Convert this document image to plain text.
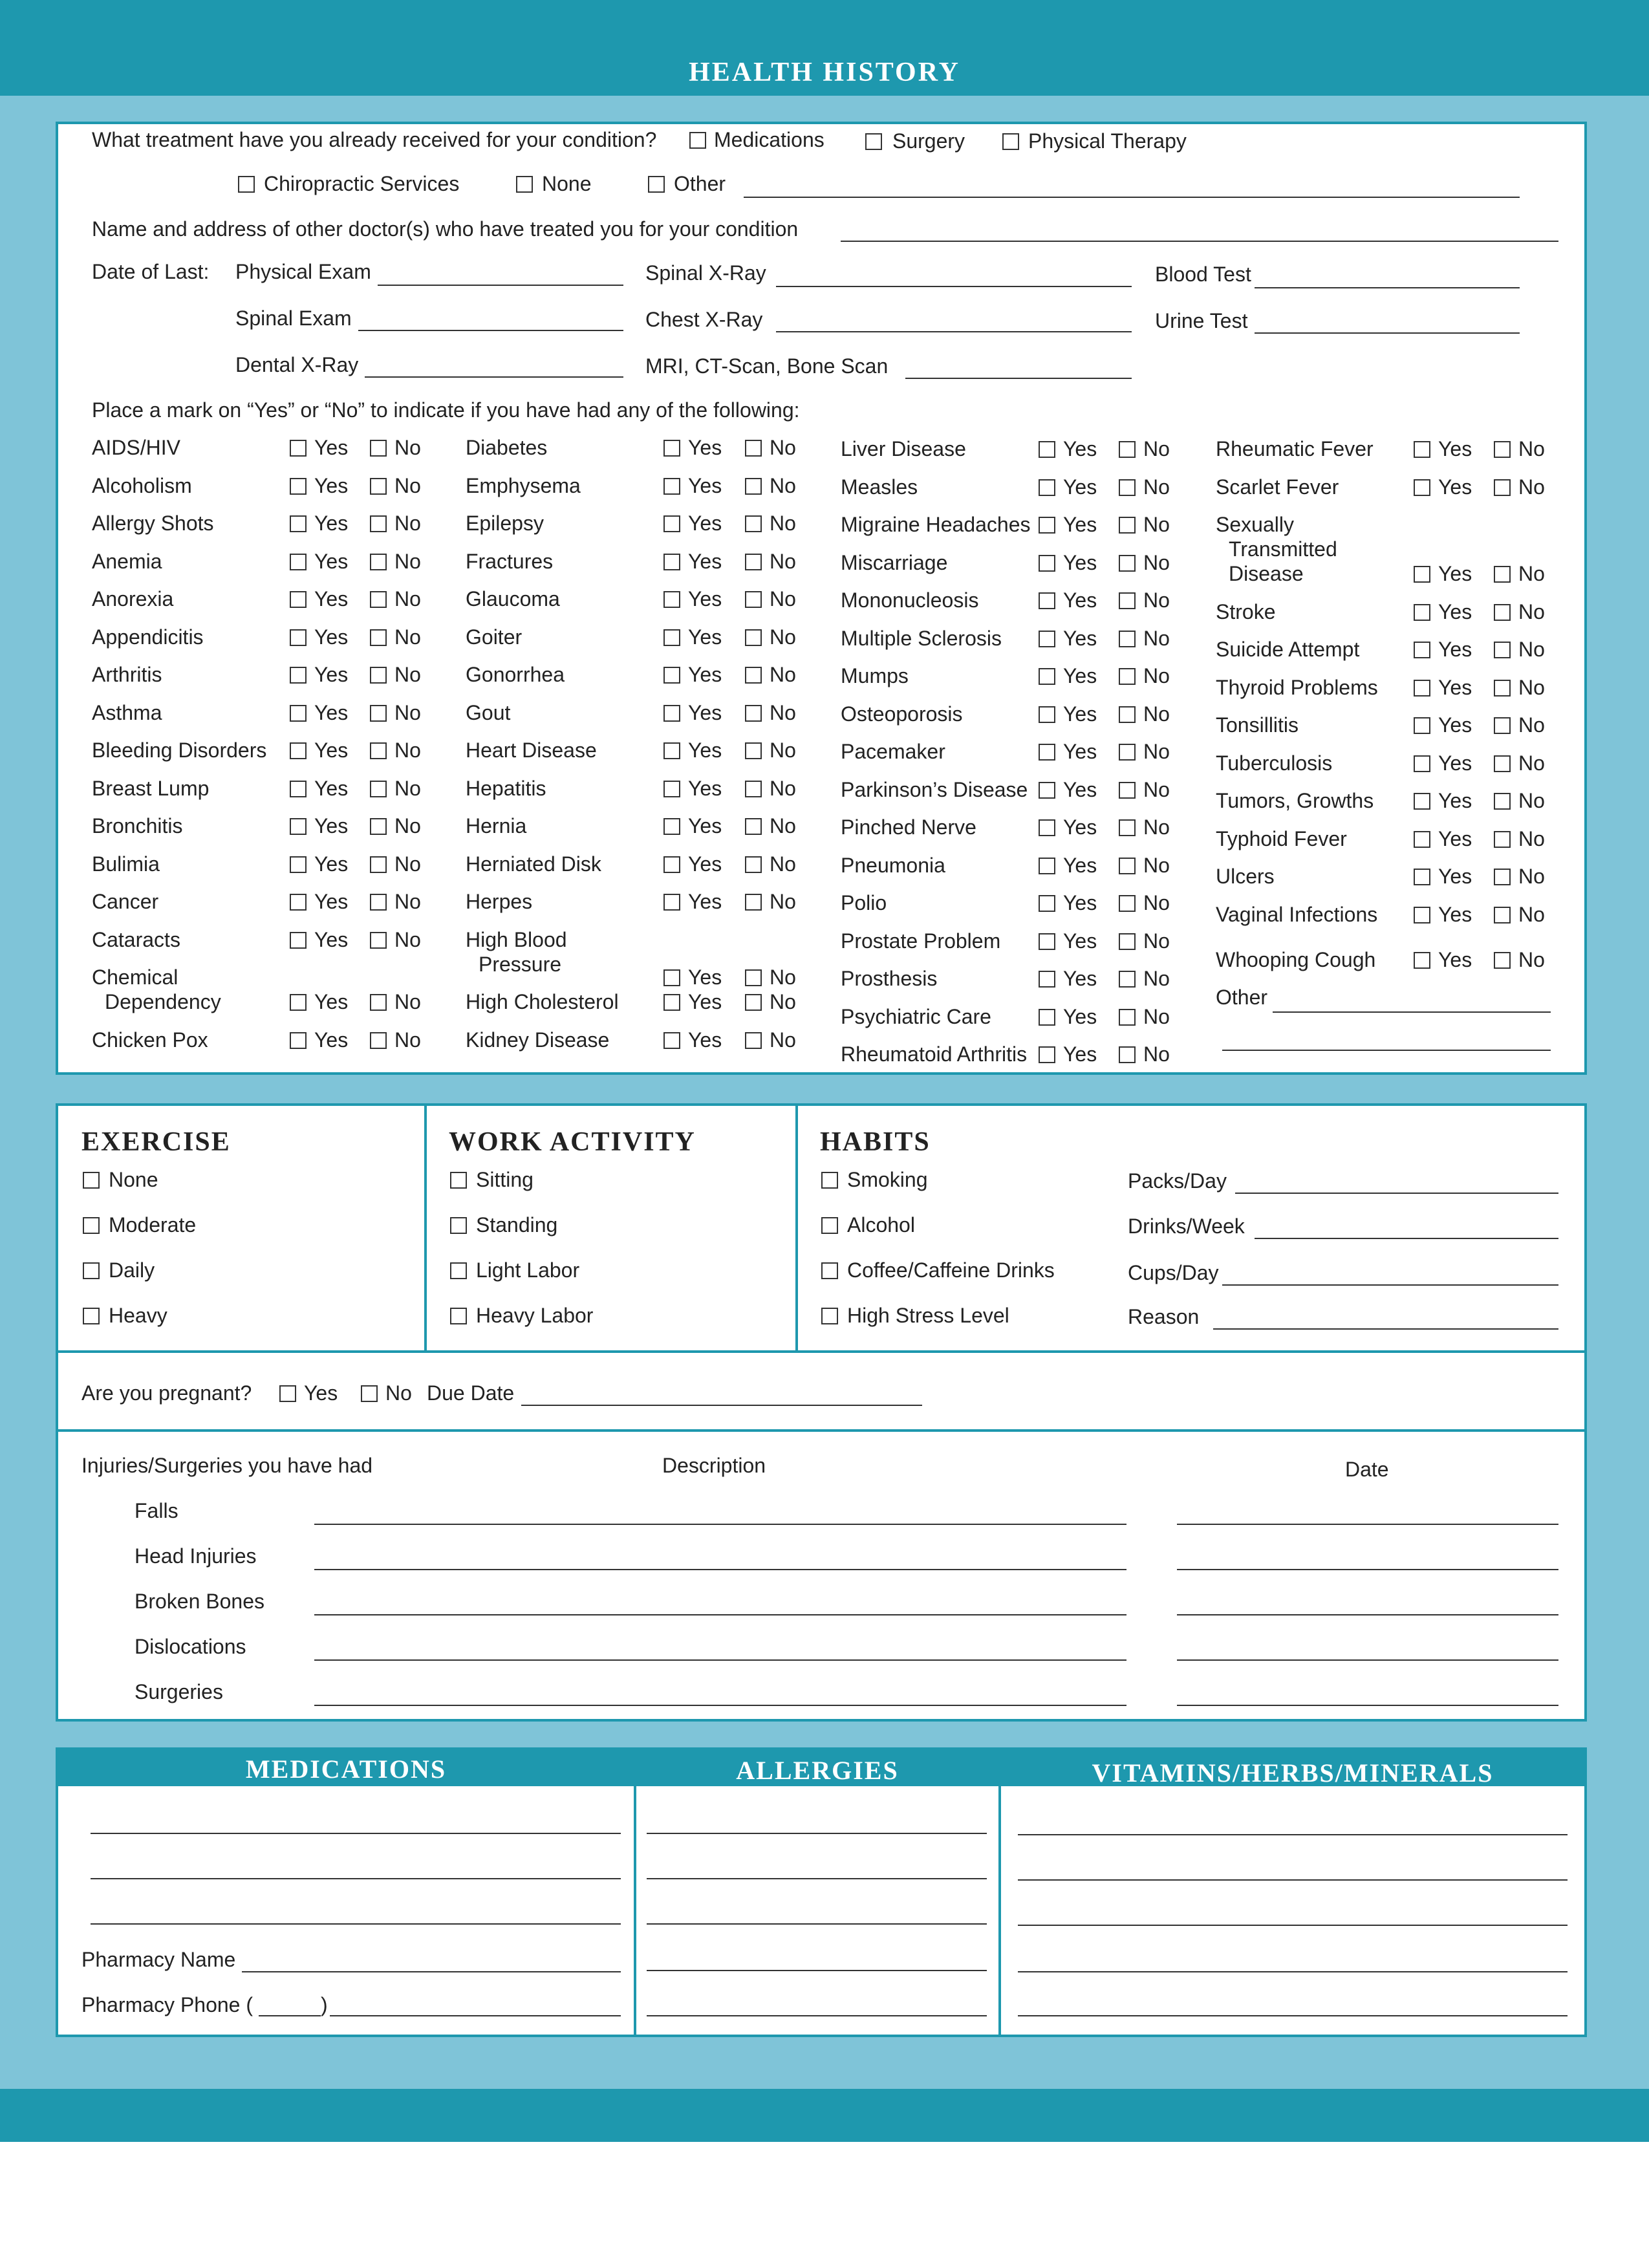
HEALTH HISTORY
What treatment have you already received for your condition?	Medications	Surgery	Physical Therapy
Chiropractic Services	None	Other
Name and address of other doctor(s) who have treated you for your condition
Date of Last: Physical Exam	Spinal X-Ray	Blood Test
Spinal Exam	Chest X-Ray	Urine Test
Dental X-Ray	MRI, CT-Scan, Bone Scan
Place a mark on “Yes” or “No” to indicate if you have had any of the following:
AIDS/HIV	Yes No
Alcoholism	Yes No
Allergy Shots	Yes No
Anemia	Yes No
Anorexia	Yes No
Appendicitis	Yes No
Arthritis	Yes No
Asthma	Yes No
Bleeding Disorders Yes No
Breast Lump	Yes No
Bronchitis	Yes No
Bulimia	Yes No
Cancer	Yes No
Cataracts	Yes No
Chemical
Dependency	Yes No
Chicken Pox	Yes No
Diabetes	Yes No
Emphysema	Yes No
Epilepsy	Yes No
Fractures	Yes No
Glaucoma	Yes No
Goiter	Yes No
Gonorrhea	Yes No
Gout	Yes No
Heart Disease	Yes No
Hepatitis	Yes No
Hernia	Yes No
Herniated Disk	Yes No
Herpes	Yes No
High Blood
Pressure
Yes No
High Cholesterol	Yes No
Kidney Disease	Yes No
Liver Disease	Yes No
Measles	Yes No
Migraine Headaches Yes No
Miscarriage	Yes No
Mononucleosis	Yes No
Multiple Sclerosis	Yes No
Mumps	Yes No
Osteoporosis	Yes No
Pacemaker	Yes No
Parkinson’s Disease Yes No
Pinched Nerve	Yes No
Pneumonia	Yes No
Polio	Yes No
Prostate Problem	Yes No
Prosthesis	Yes No
Psychiatric Care	Yes No
Rheumatoid Arthritis Yes No
Rheumatic Fever	Yes No
Scarlet Fever	Yes No
Sexually
Transmitted
Disease	Yes No
Stroke	Yes No
Suicide Attempt	Yes No
Thyroid Problems	Yes No
Tonsillitis	Yes No
Tuberculosis	Yes No
Tumors, Growths	Yes No
Typhoid Fever	Yes No
Ulcers	Yes No
Vaginal Infections	Yes No
Whooping Cough	Yes No
Other
EXERCISE
None
Moderate
Daily
Heavy
WORK ACTIVITY
Sitting
Standing
Light Labor
Heavy Labor
HABITS
Smoking
Alcohol
Coffee/Caffeine Drinks
High Stress Level
Packs/Day
Drinks/Week
Cups/Day
Reason
Are you pregnant?	Yes No Due Date
Injuries/Surgeries you have had	Description	Date
Falls
Head Injuries
Broken Bones
Dislocations
Surgeries
MEDICATIONS	ALLERGIES	VITAMINS/HERBS/MINERALS
Pharmacy Name
Pharmacy Phone (	)
